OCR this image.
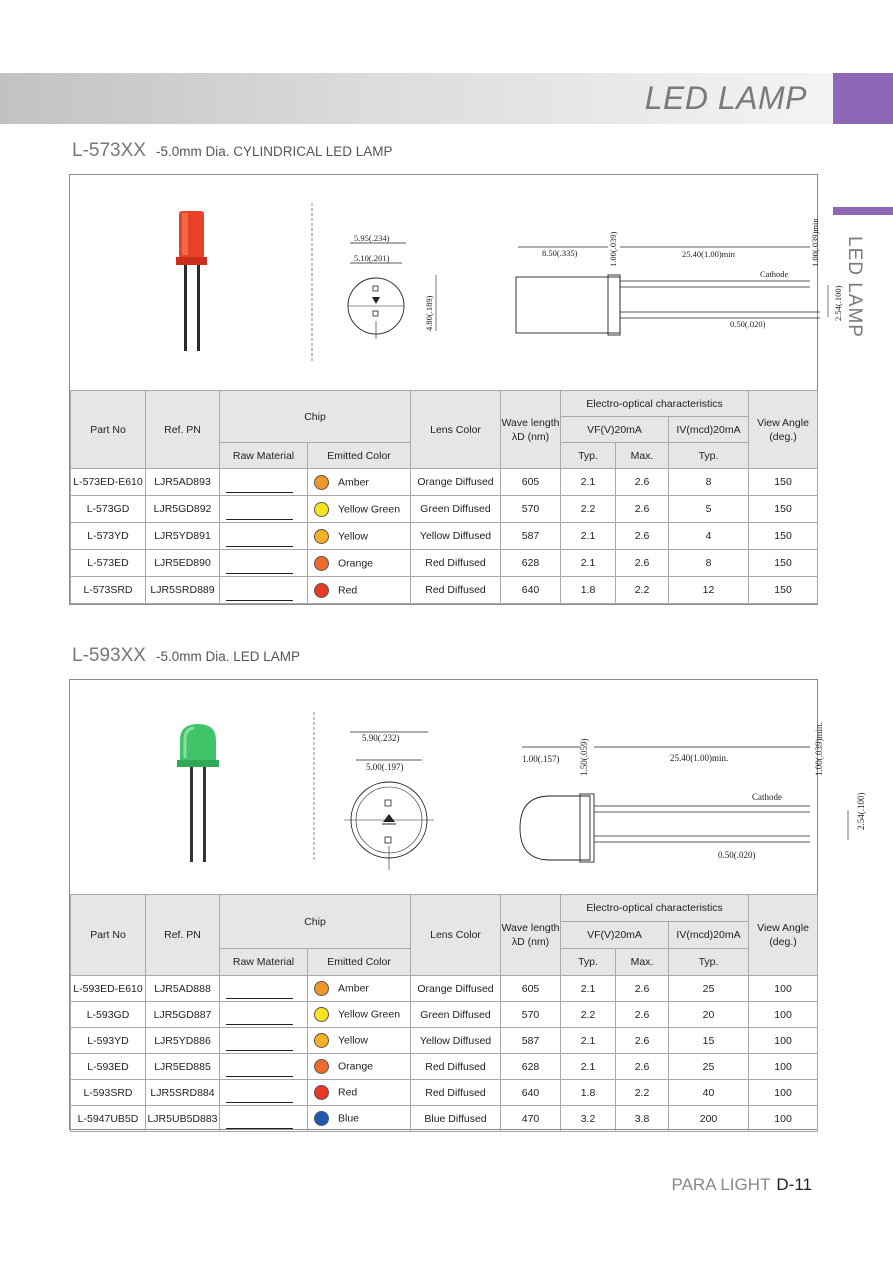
LED LAMP
LED LAMP
L-573XX -5.0mm Dia. CYLINDRICAL LED LAMP
5.95(.234)
5.10(.201)
4.80(.189)
8.50(.335)	1.00(.039)	25.40(1.00)min	1.00(.039)min
Cathode
2.54(.100)
0.50(.020)
Part No	Ref. PN	Chip		Lens Color	Wave length λD (nm)	Electro-optical characteristics			View Angle (deg.)
						VF(V)20mA		IV(mcd)20mA	
		Raw Material	Emitted Color			Typ.	Max.	Typ.	
L-573ED-E610	LJR5AD893		Amber	Orange Diffused	605	2.1	2.6	8	150
L-573GD	LJR5GD892		Yellow Green	Green Diffused	570	2.2	2.6	5	150
L-573YD	LJR5YD891		Yellow	Yellow Diffused	587	2.1	2.6	4	150
L-573ED	LJR5ED890		Orange	Red Diffused	628	2.1	2.6	8	150
L-573SRD	LJR5SRD889		Red	Red Diffused	640	1.8	2.2	12	150
L-593XX -5.0mm Dia. LED LAMP
5.90(.232)
5.00(.197)
1.00(.157) 1.50(.059)	25.40(1.00)min.	1.00(.039)min.
Cathode	2.54(.100)
0.50(.020)
Part No	Ref. PN	Chip		Lens Color	Wave length λD (nm)	Electro-optical characteristics			View Angle (deg.)
						VF(V)20mA		IV(mcd)20mA	
		Raw Material	Emitted Color			Typ.	Max.	Typ.	
L-593ED-E610	LJR5AD888		Amber	Orange Diffused	605	2.1	2.6	25	100
L-593GD	LJR5GD887		Yellow Green	Green Diffused	570	2.2	2.6	20	100
L-593YD	LJR5YD886		Yellow	Yellow Diffused	587	2.1	2.6	15	100
L-593ED	LJR5ED885		Orange	Red Diffused	628	2.1	2.6	25	100
L-593SRD	LJR5SRD884		Red	Red Diffused	640	1.8	2.2	40	100
L-5947UB5D	LJR5UB5D883		Blue	Blue Diffused	470	3.2	3.8	200	100
PARA LIGHT D-11
